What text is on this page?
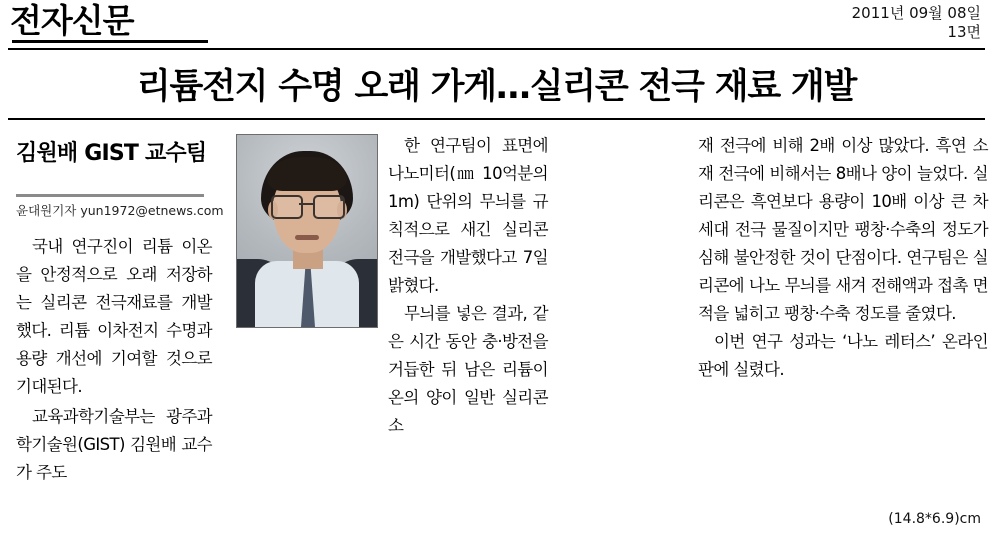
전자신문	2011년 09월 08일
13면
리튬전지 수명 오래 가게…실리콘 전극 재료 개발
김원배 GIST 교수팀
윤대원기자 yun1972@etnews.com

국내 연구진이 리튬 이온을 안정적으로 오래 저장하는 실리콘 전극재료를 개발했다. 리튬 이차전지 수명과 용량 개선에 기여할 것으로 기대된다.

교육과학기술부는 광주과학기술원(GIST) 김원배 교수가 주도

한 연구팀이 표면에 나노미터(㎚ 10억분의 1m) 단위의 무늬를 규칙적으로 새긴 실리콘 전극을 개발했다고 7일 밝혔다.

무늬를 넣은 결과, 같은 시간 동안 충·방전을 거듭한 뒤 남은 리튬이온의 양이 일반 실리콘 소

재 전극에 비해 2배 이상 많았다. 흑연 소재 전극에 비해서는 8배나 양이 늘었다. 실리콘은 흑연보다 용량이 10배 이상 큰 차세대 전극 물질이지만 팽창·수축의 정도가 심해 불안정한 것이 단점이다. 연구팀은 실리콘에 나노 무늬를 새겨 전해액과 접촉 면적을 넓히고 팽창·수축 정도를 줄였다.

이번 연구 성과는 ‘나노 레터스’ 온라인판에 실렸다.

(14.8*6.9)cm
